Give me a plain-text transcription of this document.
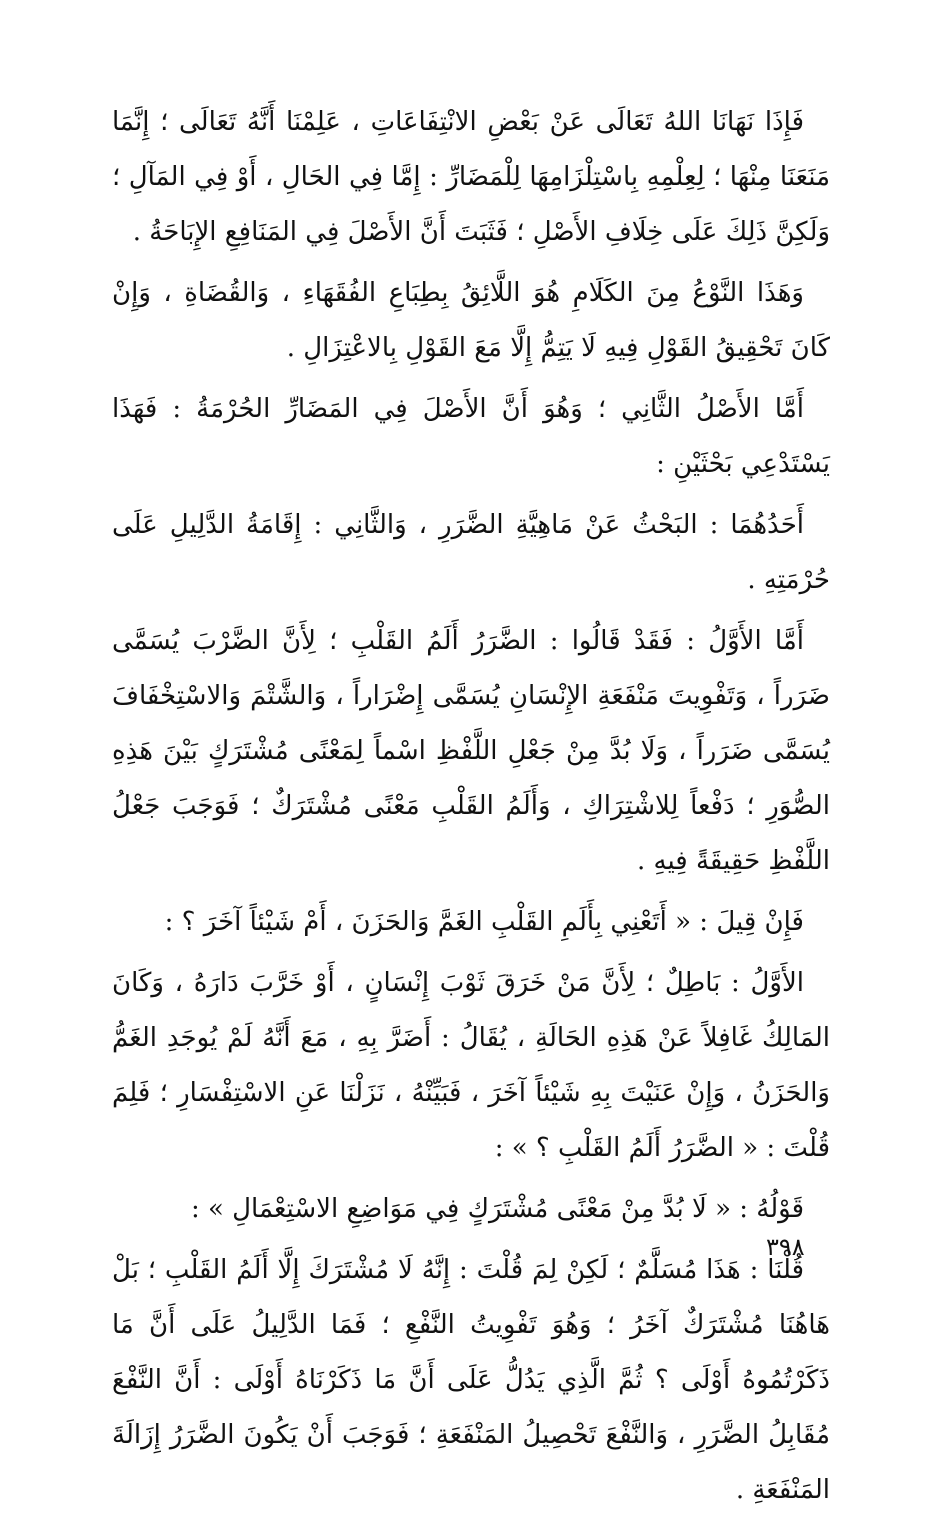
فَإِذَا نَهَانَا اللهُ تَعَالَى عَنْ بَعْضِ الانْتِفَاعَاتِ ، عَلِمْنَا أَنَّهُ تَعَالَى ؛ إِنَّمَا مَنَعَنَا مِنْهَا ؛ لِعِلْمِهِ بِاسْتِلْزَامِهَا لِلْمَضَارِّ : إِمَّا فِي الحَالِ ، أَوْ فِي المَآلِ ؛ وَلَكِنَّ ذَلِكَ عَلَى خِلَافِ الأَصْلِ ؛ فَثَبَتَ أَنَّ الأَصْلَ فِي المَنَافِعِ الإِبَاحَةُ .

وَهَذَا النَّوْعُ مِنَ الكَلَامِ هُوَ اللَّائِقُ بِطِبَاعِ الفُقَهَاءِ ، وَالقُضَاةِ ، وَإِنْ كَانَ تَحْقِيقُ القَوْلِ فِيهِ لَا يَتِمُّ إِلَّا مَعَ القَوْلِ بِالاعْتِزَالِ .

أَمَّا الأَصْلُ الثَّانِي ؛ وَهُوَ أَنَّ الأَصْلَ فِي المَضَارِّ الحُرْمَةُ : فَهَذَا يَسْتَدْعِي بَحْثَيْنِ :

أَحَدُهُمَا : البَحْثُ عَنْ مَاهِيَّةِ الضَّرَرِ ، وَالثَّانِي : إِقَامَةُ الدَّلِيلِ عَلَى حُرْمَتِهِ .

أَمَّا الأَوَّلُ : فَقَدْ قَالُوا : الضَّرَرُ أَلَمُ القَلْبِ ؛ لِأَنَّ الضَّرْبَ يُسَمَّى ضَرَراً ، وَتَفْوِيتَ مَنْفَعَةِ الإِنْسَانِ يُسَمَّى إِضْرَاراً ، وَالشَّتْمَ وَالاسْتِخْفَافَ يُسَمَّى ضَرَراً ، وَلَا بُدَّ مِنْ جَعْلِ اللَّفْظِ اسْماً لِمَعْنًى مُشْتَرَكٍ بَيْنَ هَذِهِ الصُّوَرِ ؛ دَفْعاً لِلاشْتِرَاكِ ، وَأَلَمُ القَلْبِ مَعْنًى مُشْتَرَكٌ ؛ فَوَجَبَ جَعْلُ اللَّفْظِ حَقِيقَةً فِيهِ .

فَإِنْ قِيلَ : « أَتَعْنِي بِأَلَمِ القَلْبِ الغَمَّ وَالحَزَنَ ، أَمْ شَيْئاً آخَرَ ؟ :

الأَوَّلُ : بَاطِلٌ ؛ لِأَنَّ مَنْ خَرَقَ ثَوْبَ إِنْسَانٍ ، أَوْ خَرَّبَ دَارَهُ ، وَكَانَ المَالِكُ غَافِلاً عَنْ هَذِهِ الحَالَةِ ، يُقَالُ : أَضَرَّ بِهِ ، مَعَ أَنَّهُ لَمْ يُوجَدِ الغَمُّ وَالحَزَنُ ، وَإِنْ عَنَيْتَ بِهِ شَيْئاً آخَرَ ، فَبَيِّنْهُ ، نَزَلْنَا عَنِ الاسْتِفْسَارِ ؛ فَلِمَ قُلْتَ : « الضَّرَرُ أَلَمُ القَلْبِ ؟ » :

قَوْلُهُ : « لَا بُدَّ مِنْ مَعْنًى مُشْتَرَكٍ فِي مَوَاضِعِ الاسْتِعْمَالِ » :

قُلْنَا : هَذَا مُسَلَّمٌ ؛ لَكِنْ لِمَ قُلْتَ : إِنَّهُ لَا مُشْتَرَكَ إِلَّا أَلَمُ القَلْبِ ؛ بَلْ هَاهُنَا مُشْتَرَكٌ آخَرُ ؛ وَهُوَ تَفْوِيتُ النَّفْعِ ؛ فَمَا الدَّلِيلُ عَلَى أَنَّ مَا ذَكَرْتُمُوهُ أَوْلَى ؟ ثُمَّ الَّذِي يَدُلُّ عَلَى أَنَّ مَا ذَكَرْنَاهُ أَوْلَى : أَنَّ النَّفْعَ مُقَابِلُ الضَّرَرِ ، وَالنَّفْعَ تَحْصِيلُ المَنْفَعَةِ ؛ فَوَجَبَ أَنْ يَكُونَ الضَّرَرُ إِزَالَةَ المَنْفَعَةِ .

٣٩٨
